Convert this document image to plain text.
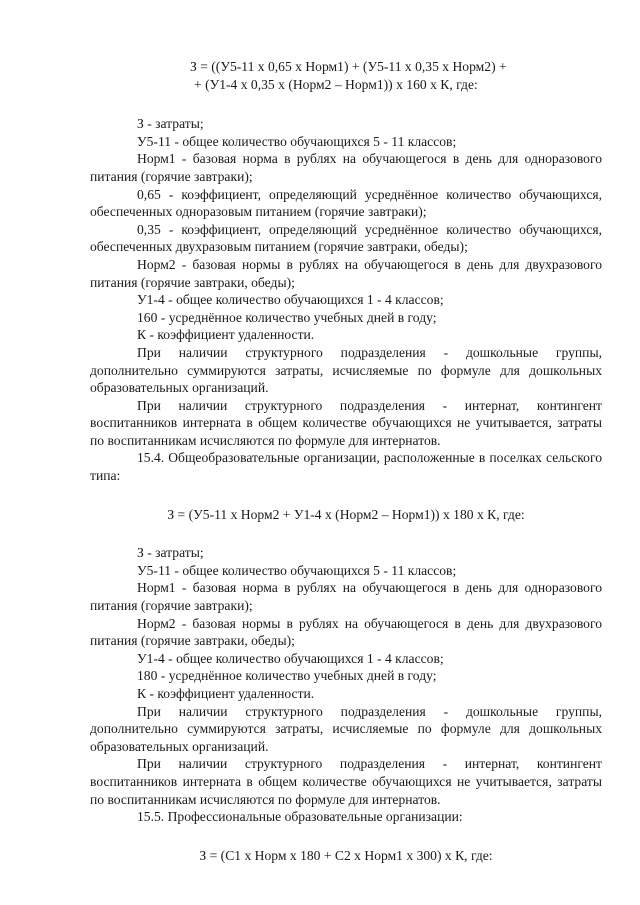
З = ((У5-11 х 0,65 х Норм1) + (У5-11 х 0,35 х Норм2) +
+ (У1-4 х 0,35 х (Норм2 – Норм1)) х 160 х К, где:
З - затраты;
У5-11 - общее количество обучающихся 5 - 11 классов;
Норм1 - базовая норма в рублях на обучающегося в день для одноразового питания (горячие завтраки);
0,65 - коэффициент, определяющий усреднённое количество обучающихся, обеспеченных одноразовым питанием (горячие завтраки);
0,35 - коэффициент, определяющий усреднённое количество обучающихся, обеспеченных двухразовым питанием (горячие завтраки, обеды);
Норм2 - базовая нормы в рублях на обучающегося в день для двухразового питания (горячие завтраки, обеды);
У1-4 - общее количество обучающихся 1 - 4 классов;
160 - усреднённое количество учебных дней в году;
К - коэффициент удаленности.
При наличии структурного подразделения - дошкольные группы, дополнительно суммируются затраты, исчисляемые по формуле для дошкольных образовательных организаций.
При наличии структурного подразделения - интернат, контингент воспитанников интерната в общем количестве обучающихся не учитывается, затраты по воспитанникам исчисляются по формуле для интернатов.
15.4. Общеобразовательные организации, расположенные в поселках сельского типа:
З = (У5-11 х Норм2 + У1-4 х (Норм2 – Норм1)) х 180 х К, где:
З - затраты;
У5-11 - общее количество обучающихся 5 - 11 классов;
Норм1 - базовая норма в рублях на обучающегося в день для одноразового питания (горячие завтраки);
Норм2 - базовая нормы в рублях на обучающегося в день для двухразового питания (горячие завтраки, обеды);
У1-4 - общее количество обучающихся 1 - 4 классов;
180 - усреднённое количество учебных дней в году;
К - коэффициент удаленности.
При наличии структурного подразделения - дошкольные группы, дополнительно суммируются затраты, исчисляемые по формуле для дошкольных образовательных организаций.
При наличии структурного подразделения - интернат, контингент воспитанников интерната в общем количестве обучающихся не учитывается, затраты по воспитанникам исчисляются по формуле для интернатов.
15.5. Профессиональные образовательные организации:
З = (С1 х Норм х 180 + С2 х Норм1 х 300) х К, где:
